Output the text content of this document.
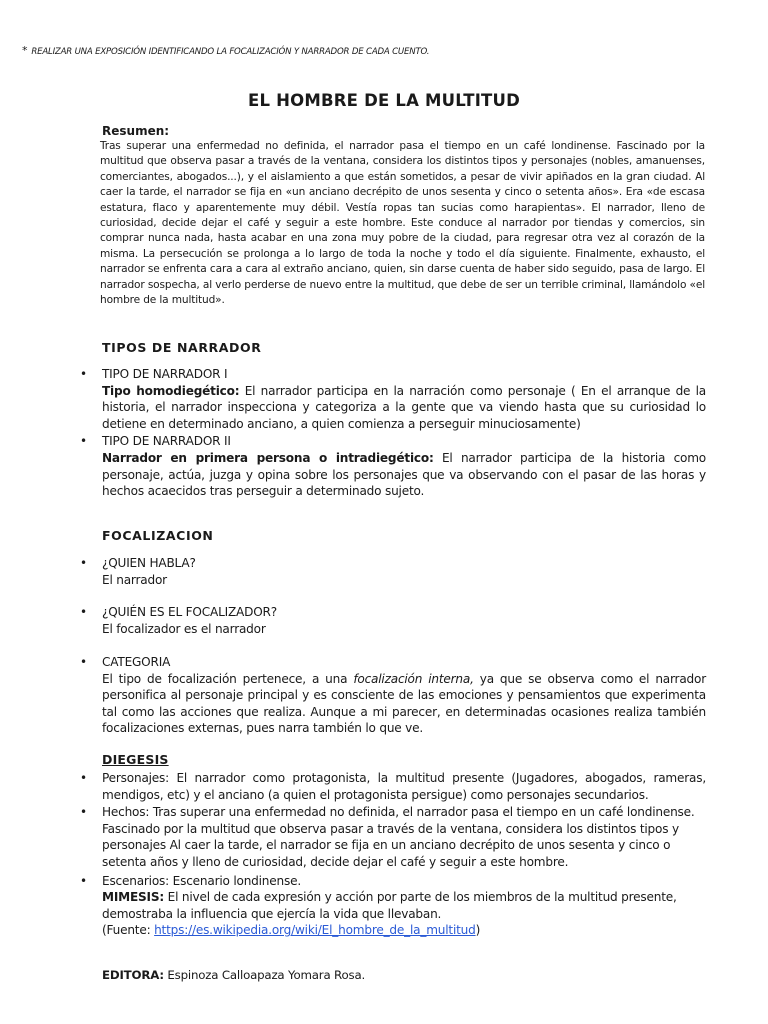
* REALIZAR UNA EXPOSICIÓN IDENTIFICANDO LA FOCALIZACIÓN Y NARRADOR DE CADA CUENTO.
EL HOMBRE DE LA MULTITUD
Resumen:
Tras superar una enfermedad no definida, el narrador pasa el tiempo en un café londinense. Fascinado por la multitud que observa pasar a través de la ventana, considera los distintos tipos y personajes (nobles, amanuenses, comerciantes, abogados...), y el aislamiento a que están sometidos, a pesar de vivir apiñados en la gran ciudad. Al caer la tarde, el narrador se fija en «un anciano decrépito de unos sesenta y cinco o setenta años». Era «de escasa estatura, flaco y aparentemente muy débil. Vestía ropas tan sucias como harapientas». El narrador, lleno de curiosidad, decide dejar el café y seguir a este hombre. Este conduce al narrador por tiendas y comercios, sin comprar nunca nada, hasta acabar en una zona muy pobre de la ciudad, para regresar otra vez al corazón de la misma. La persecución se prolonga a lo largo de toda la noche y todo el día siguiente. Finalmente, exhausto, el narrador se enfrenta cara a cara al extraño anciano, quien, sin darse cuenta de haber sido seguido, pasa de largo. El narrador sospecha, al verlo perderse de nuevo entre la multitud, que debe de ser un terrible criminal, llamándolo «el hombre de la multitud».
TIPOS DE NARRADOR
• TIPO DE NARRADOR I
Tipo homodiegético: El narrador participa en la narración como personaje ( En el arranque de la historia, el narrador inspecciona y categoriza a la gente que va viendo hasta que su curiosidad lo detiene en determinado anciano, a quien comienza a perseguir minuciosamente)
• TIPO DE NARRADOR II
Narrador en primera persona o intradiegético: El narrador participa de la historia como personaje, actúa, juzga y opina sobre los personajes que va observando con el pasar de las horas y hechos acaecidos tras perseguir a determinado sujeto.
FOCALIZACION
• ¿QUIEN HABLA?
El narrador
• ¿QUIÉN ES EL FOCALIZADOR?
El focalizador es el narrador
• CATEGORIA
El tipo de focalización pertenece, a una focalización interna, ya que se observa como el narrador personifica al personaje principal y es consciente de las emociones y pensamientos que experimenta tal como las acciones que realiza. Aunque a mi parecer, en determinadas ocasiones realiza también focalizaciones externas, pues narra también lo que ve.
DIEGESIS
• Personajes: El narrador como protagonista, la multitud presente (Jugadores, abogados, rameras, mendigos, etc) y el anciano (a quien el protagonista persigue) como personajes secundarios.
• Hechos: Tras superar una enfermedad no definida, el narrador pasa el tiempo en un café londinense. Fascinado por la multitud que observa pasar a través de la ventana, considera los distintos tipos y personajes Al caer la tarde, el narrador se fija en un anciano decrépito de unos sesenta y cinco o setenta años y lleno de curiosidad, decide dejar el café y seguir a este hombre.
• Escenarios: Escenario londinense.
MIMESIS: El nivel de cada expresión y acción por parte de los miembros de la multitud presente, demostraba la influencia que ejercía la vida que llevaban.
(Fuente: https://es.wikipedia.org/wiki/El_hombre_de_la_multitud)
EDITORA: Espinoza Calloapaza Yomara Rosa.
